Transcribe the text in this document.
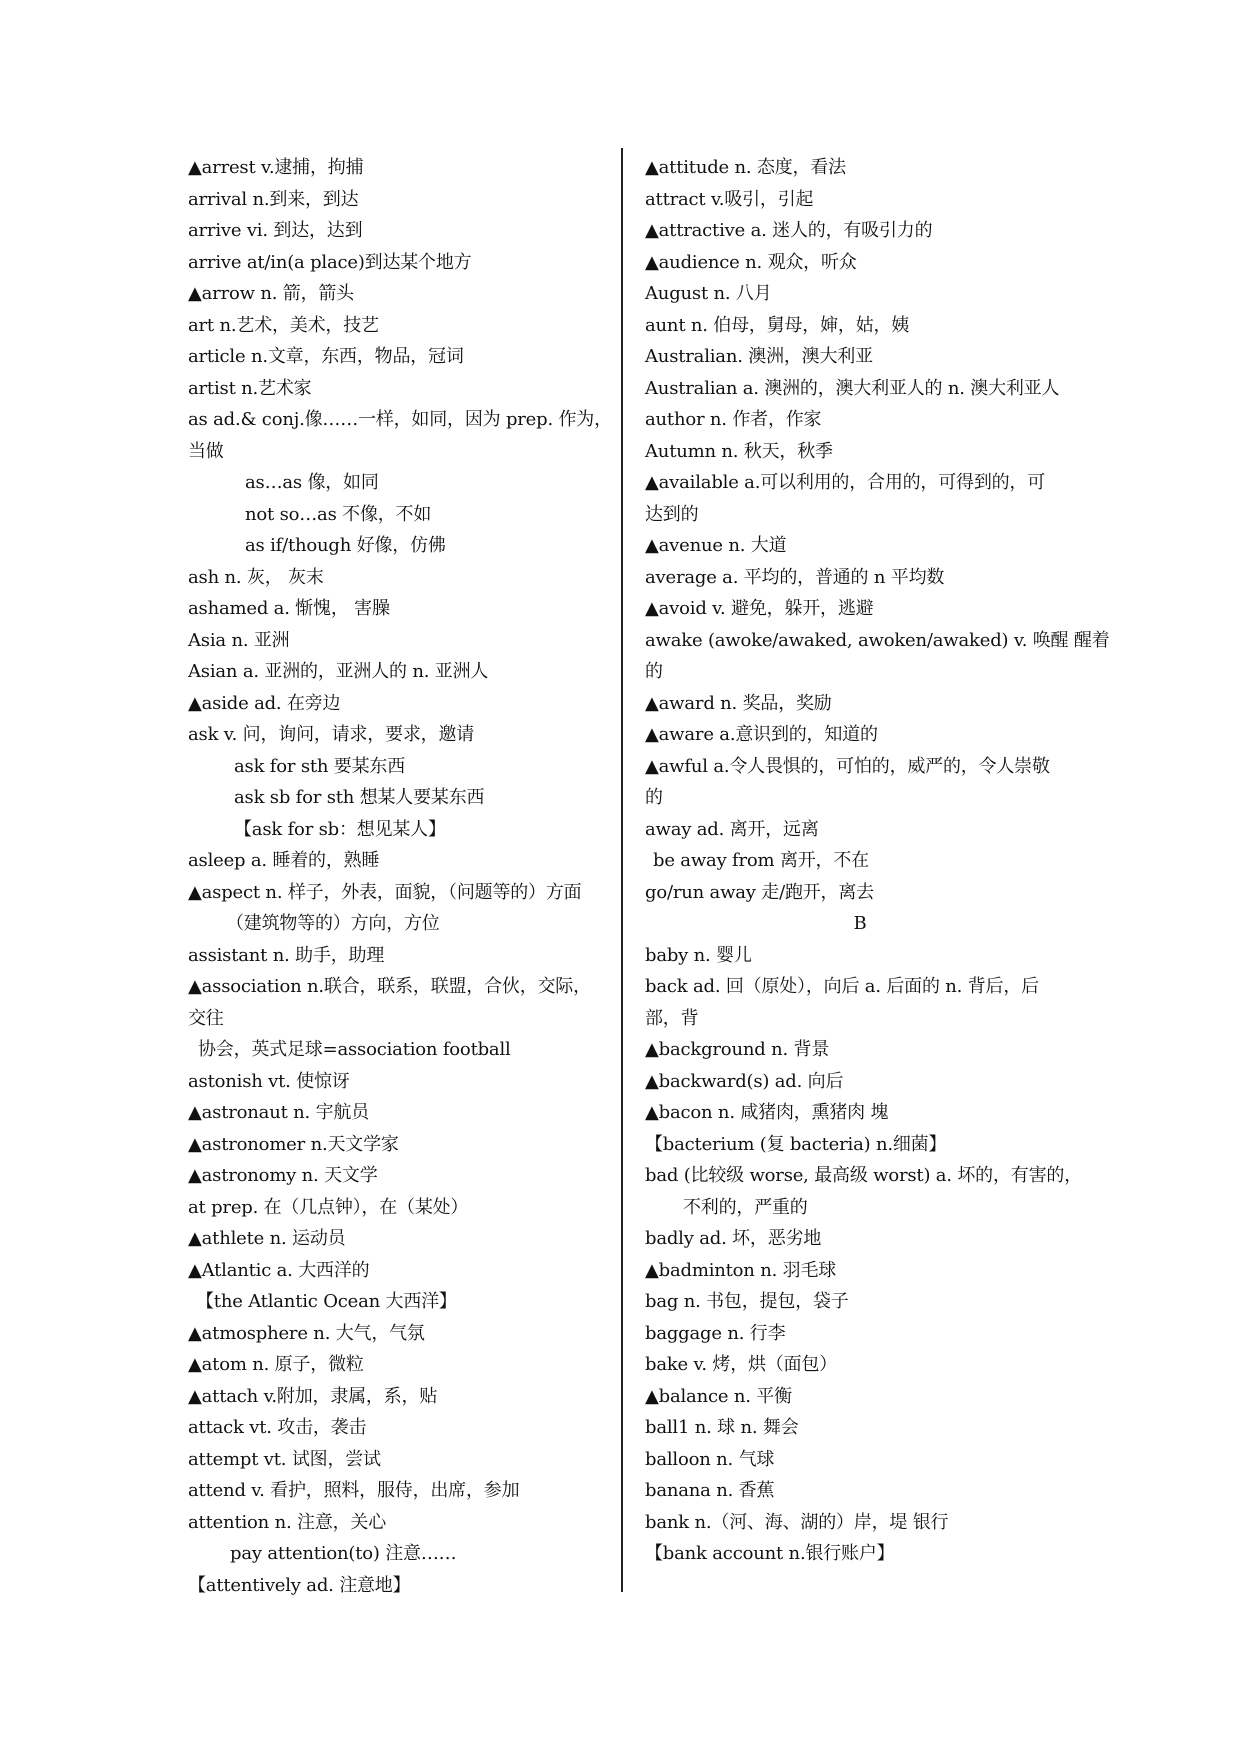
▲arrest v.逮捕，拘捕
arrival n.到来，到达
arrive vi. 到达，达到
arrive at/in(a place)到达某个地方
▲arrow n. 箭，箭头
art n.艺术，美术，技艺
article n.文章，东西，物品，冠词
artist n.艺术家
as ad.& conj.像……一样，如同，因为 prep. 作为，
当做
as…as 像，如同
not so…as 不像，不如
as if/though 好像，仿佛
ash n. 灰， 灰末
ashamed a. 惭愧， 害臊
Asia n. 亚洲
Asian a. 亚洲的，亚洲人的 n. 亚洲人
▲aside ad. 在旁边
ask v. 问，询问，请求，要求，邀请
ask for sth 要某东西
ask sb for sth 想某人要某东西
【ask for sb：想见某人】
asleep a. 睡着的，熟睡
▲aspect n. 样子，外表，面貌，（问题等的）方面
（建筑物等的）方向，方位
assistant n. 助手，助理
▲association n.联合，联系，联盟，合伙，交际，
交往
协会，英式足球=association football
astonish vt. 使惊讶
▲astronaut n. 宇航员
▲astronomer n.天文学家
▲astronomy n. 天文学
at prep. 在（几点钟），在（某处）
▲athlete n. 运动员
▲Atlantic a. 大西洋的
【the Atlantic Ocean 大西洋】
▲atmosphere n. 大气，气氛
▲atom n. 原子，微粒
▲attach v.附加，隶属，系，贴
attack vt. 攻击，袭击
attempt vt. 试图，尝试
attend v. 看护，照料，服侍，出席，参加
attention n. 注意，关心
pay attention(to) 注意……
【attentively ad. 注意地】
▲attitude n. 态度，看法
attract v.吸引，引起
▲attractive a. 迷人的，有吸引力的
▲audience n. 观众，听众
August n. 八月
aunt n. 伯母，舅母，婶，姑，姨
Australian. 澳洲，澳大利亚
Australian a. 澳洲的，澳大利亚人的 n. 澳大利亚人
author n. 作者，作家
Autumn n. 秋天，秋季
▲available a.可以利用的，合用的，可得到的，可
达到的
▲avenue n. 大道
average a. 平均的，普通的 n 平均数
▲avoid v. 避免，躲开，逃避
awake (awoke/awaked, awoken/awaked) v. 唤醒 醒着
的
▲award n. 奖品，奖励
▲aware a.意识到的，知道的
▲awful a.令人畏惧的，可怕的，威严的，令人崇敬
的
away ad. 离开，远离
be away from 离开，不在
go/run away 走/跑开，离去
B
baby n. 婴儿
back ad. 回（原处），向后 a. 后面的 n. 背后，后
部，背
▲background n. 背景
▲backward(s) ad. 向后
▲bacon n. 咸猪肉，熏猪肉 塊
【bacterium (复 bacteria) n.细菌】
bad (比较级 worse, 最高级 worst) a. 坏的，有害的，
不利的，严重的
badly ad. 坏，恶劣地
▲badminton n. 羽毛球
bag n. 书包，提包，袋子
baggage n. 行李
bake v. 烤，烘（面包）
▲balance n. 平衡
ball1 n. 球 n. 舞会
balloon n. 气球
banana n. 香蕉
bank n.（河、海、湖的）岸，堤 银行
【bank account n.银行账户】
